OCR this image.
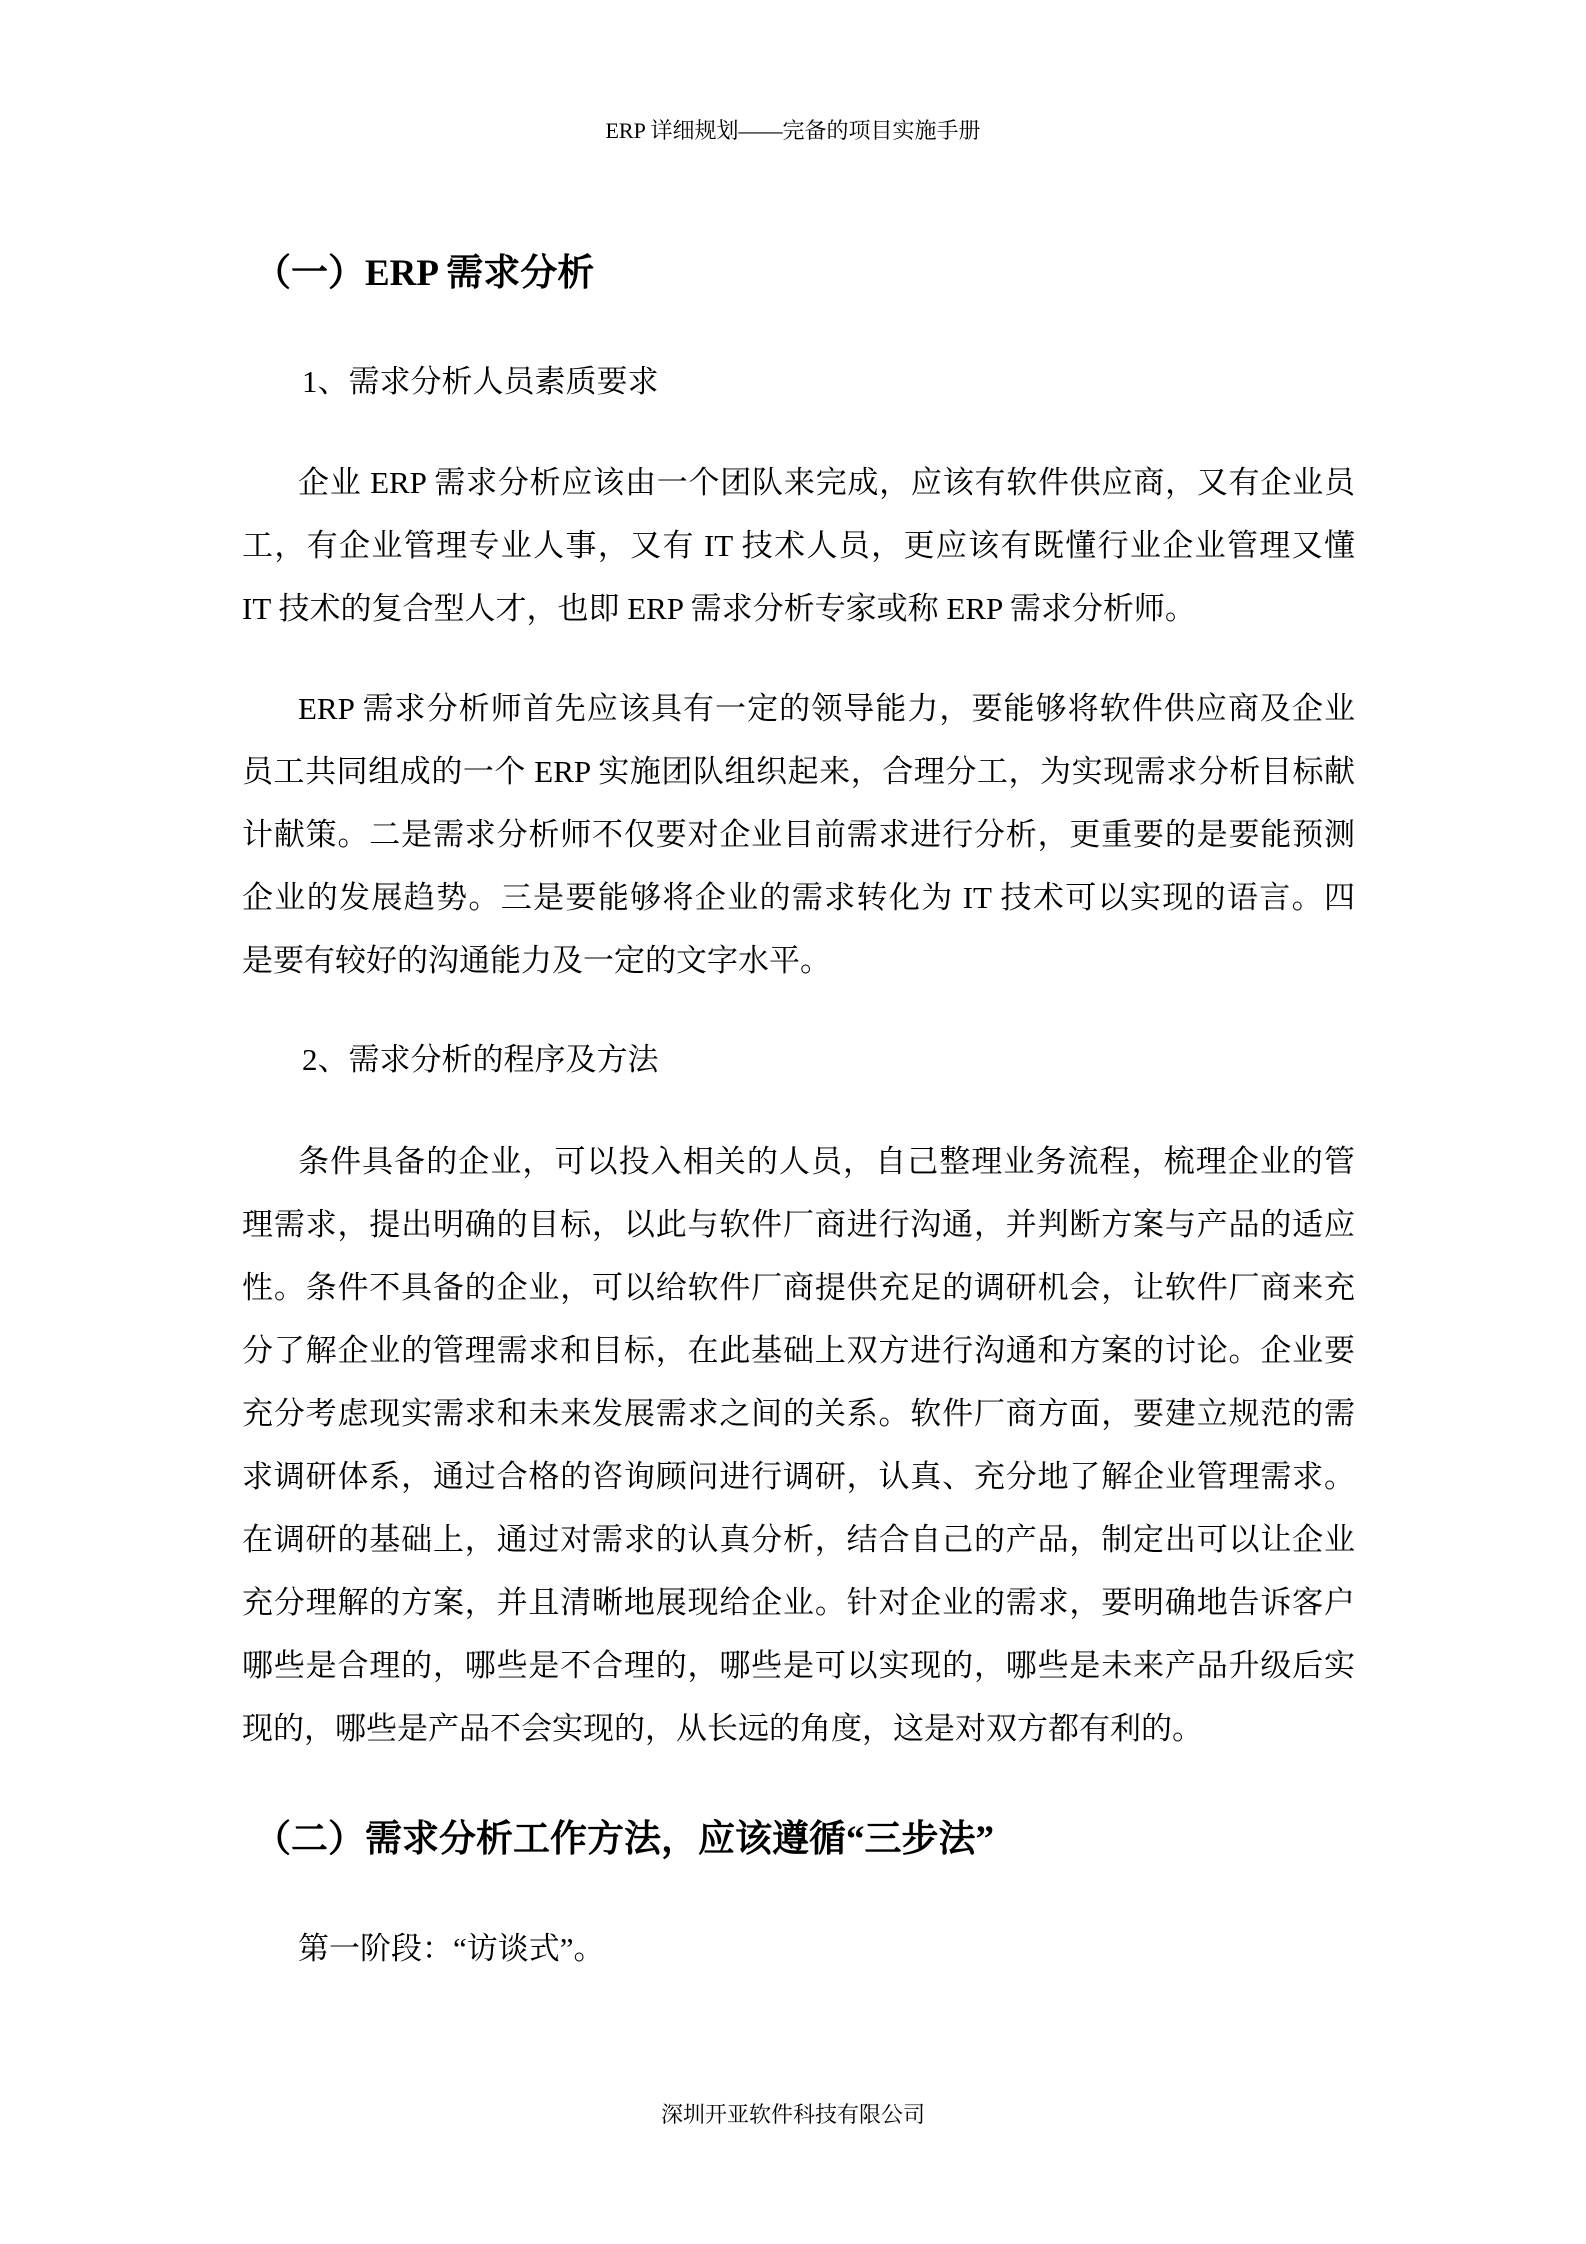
ERP 详细规划——完备的项目实施手册
（一）ERP 需求分析
1、需求分析人员素质要求
企业 ERP 需求分析应该由一个团队来完成，应该有软件供应商，又有企业员
工，有企业管理专业人事，又有 IT 技术人员，更应该有既懂行业企业管理又懂
IT 技术的复合型人才，也即 ERP 需求分析专家或称 ERP 需求分析师。
ERP 需求分析师首先应该具有一定的领导能力，要能够将软件供应商及企业
员工共同组成的一个 ERP 实施团队组织起来，合理分工，为实现需求分析目标献
计献策。二是需求分析师不仅要对企业目前需求进行分析，更重要的是要能预测
企业的发展趋势。三是要能够将企业的需求转化为 IT 技术可以实现的语言。四
是要有较好的沟通能力及一定的文字水平。
2、需求分析的程序及方法
条件具备的企业，可以投入相关的人员，自己整理业务流程，梳理企业的管
理需求，提出明确的目标，以此与软件厂商进行沟通，并判断方案与产品的适应
性。条件不具备的企业，可以给软件厂商提供充足的调研机会，让软件厂商来充
分了解企业的管理需求和目标，在此基础上双方进行沟通和方案的讨论。企业要
充分考虑现实需求和未来发展需求之间的关系。软件厂商方面，要建立规范的需
求调研体系，通过合格的咨询顾问进行调研，认真、充分地了解企业管理需求。
在调研的基础上，通过对需求的认真分析，结合自己的产品，制定出可以让企业
充分理解的方案，并且清晰地展现给企业。针对企业的需求，要明确地告诉客户
哪些是合理的，哪些是不合理的，哪些是可以实现的，哪些是未来产品升级后实
现的，哪些是产品不会实现的，从长远的角度，这是对双方都有利的。
（二）需求分析工作方法，应该遵循“三步法”
第一阶段：“访谈式”。
深圳开亚软件科技有限公司
